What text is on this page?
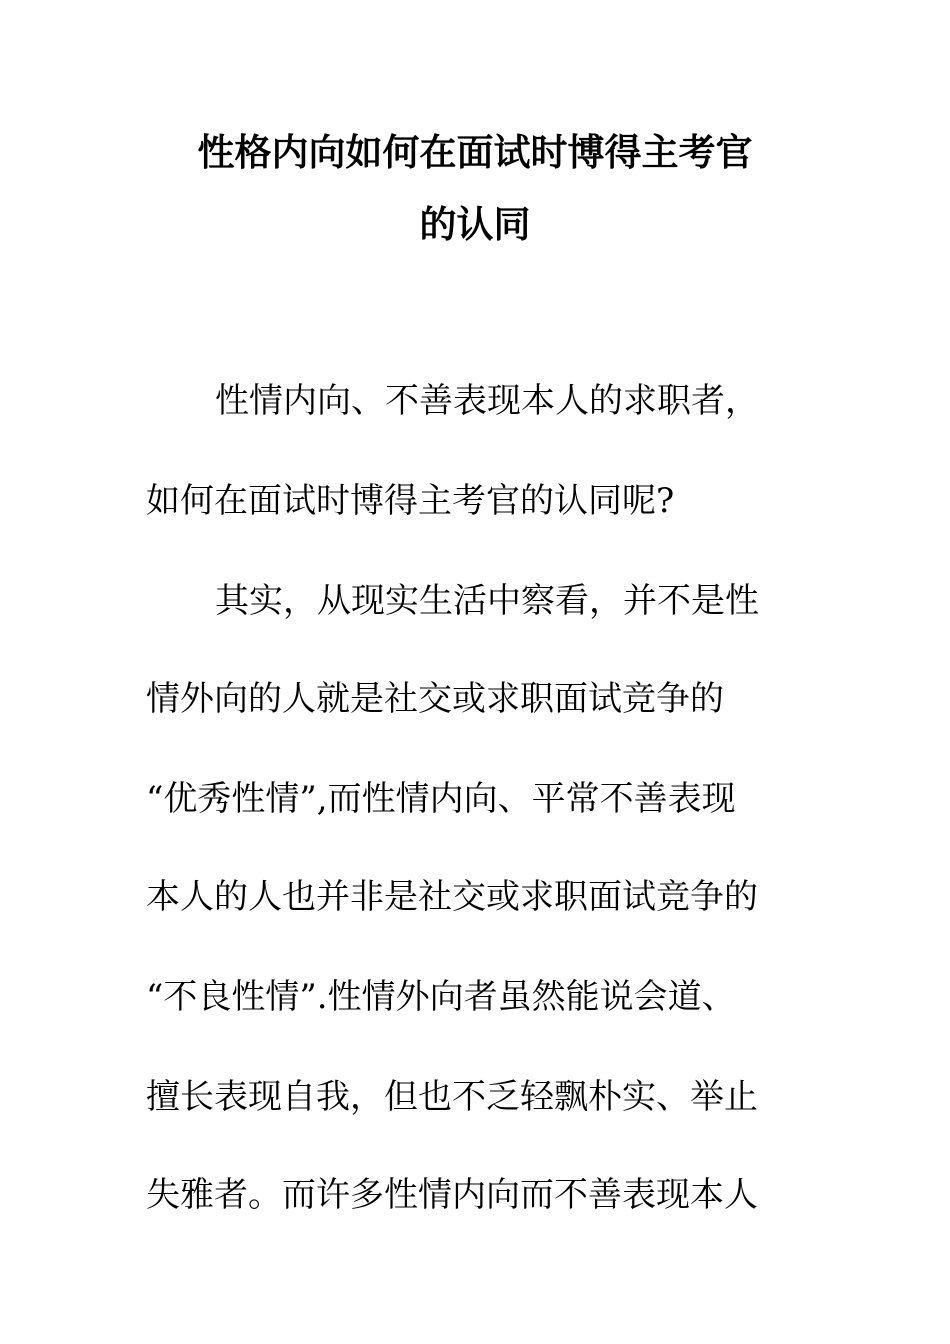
性格内向如何在面试时博得主考官
的认同
性情内向、不善表现本人的求职者，
如何在面试时博得主考官的认同呢?
其实，从现实生活中察看，并不是性
情外向的人就是社交或求职面试竞争的
“优秀性情”,而性情内向、平常不善表现
本人的人也并非是社交或求职面试竞争的
“不良性情”.性情外向者虽然能说会道、
擅长表现自我，但也不乏轻飘朴实、举止
失雅者。而许多性情内向而不善表现本人
